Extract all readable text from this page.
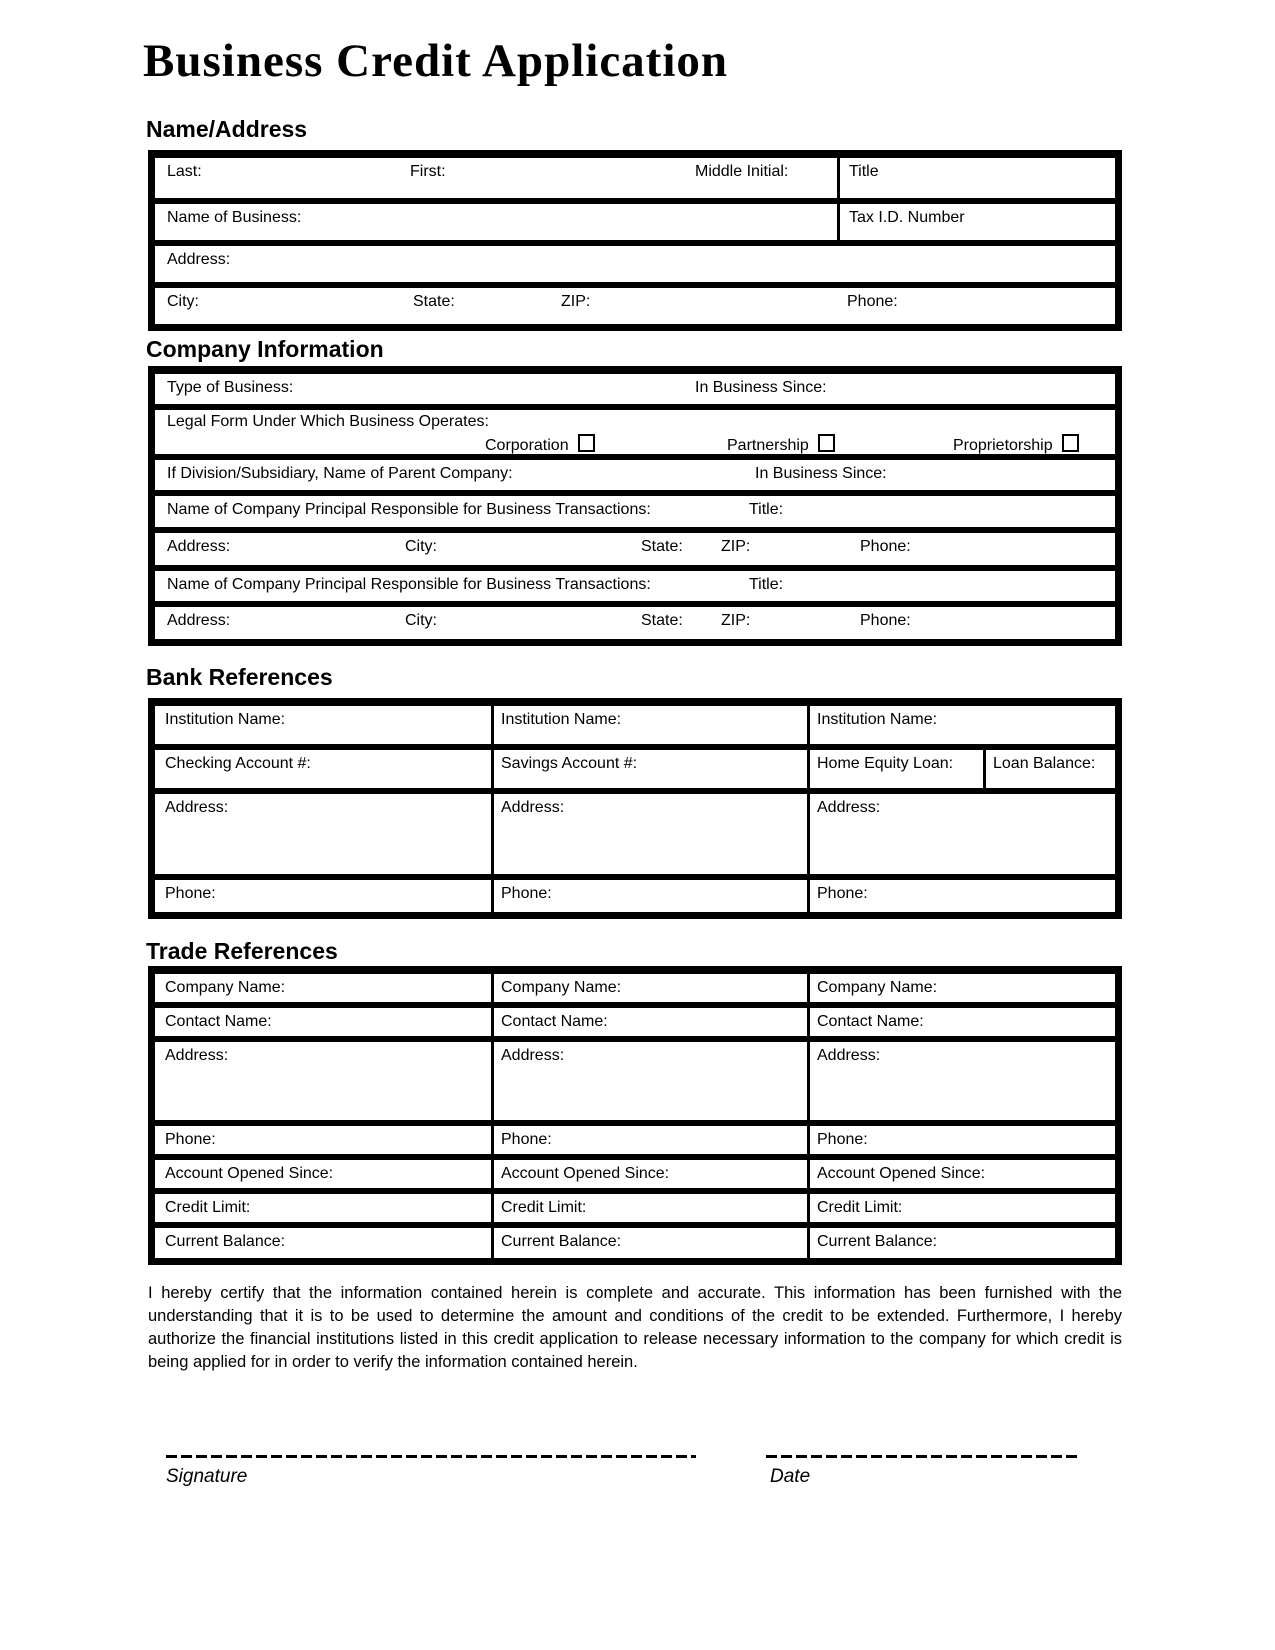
Business Credit Application
Name/Address
Last:	First:	Middle Initial:	Title
Name of Business:	Tax I.D. Number
Address:
City:	State:	ZIP:	Phone:
Company Information
Type of Business:	In Business Since:
Legal Form Under Which Business Operates:
Corporation	Partnership	Proprietorship
If Division/Subsidiary, Name of Parent Company:	In Business Since:
Name of Company Principal Responsible for Business Transactions:	Title:
Address:	City:	State: ZIP:	Phone:
Name of Company Principal Responsible for Business Transactions:	Title:
Address:	City:	State: ZIP:	Phone:
Bank References
Institution Name:	Institution Name:	Institution Name:
Checking Account #:	Savings Account #:	Home Equity Loan: Loan Balance:
Address:	Address:	Address:
Phone:	Phone:	Phone:
Trade References
Company Name:	Company Name:	Company Name:
Contact Name:	Contact Name:	Contact Name:
Address:	Address:	Address:
Phone:	Phone:	Phone:
Account Opened Since:	Account Opened Since:	Account Opened Since:
Credit Limit:	Credit Limit:	Credit Limit:
Current Balance:	Current Balance:	Current Balance:
I hereby certify that the information contained herein is complete and accurate. This information has been furnished with the understanding that it is to be used to determine the amount and conditions of the credit to be extended. Furthermore, I hereby authorize the financial institutions listed in this credit application to release necessary information to the company for which credit is being applied for in order to verify the information contained herein.
Signature	Date
